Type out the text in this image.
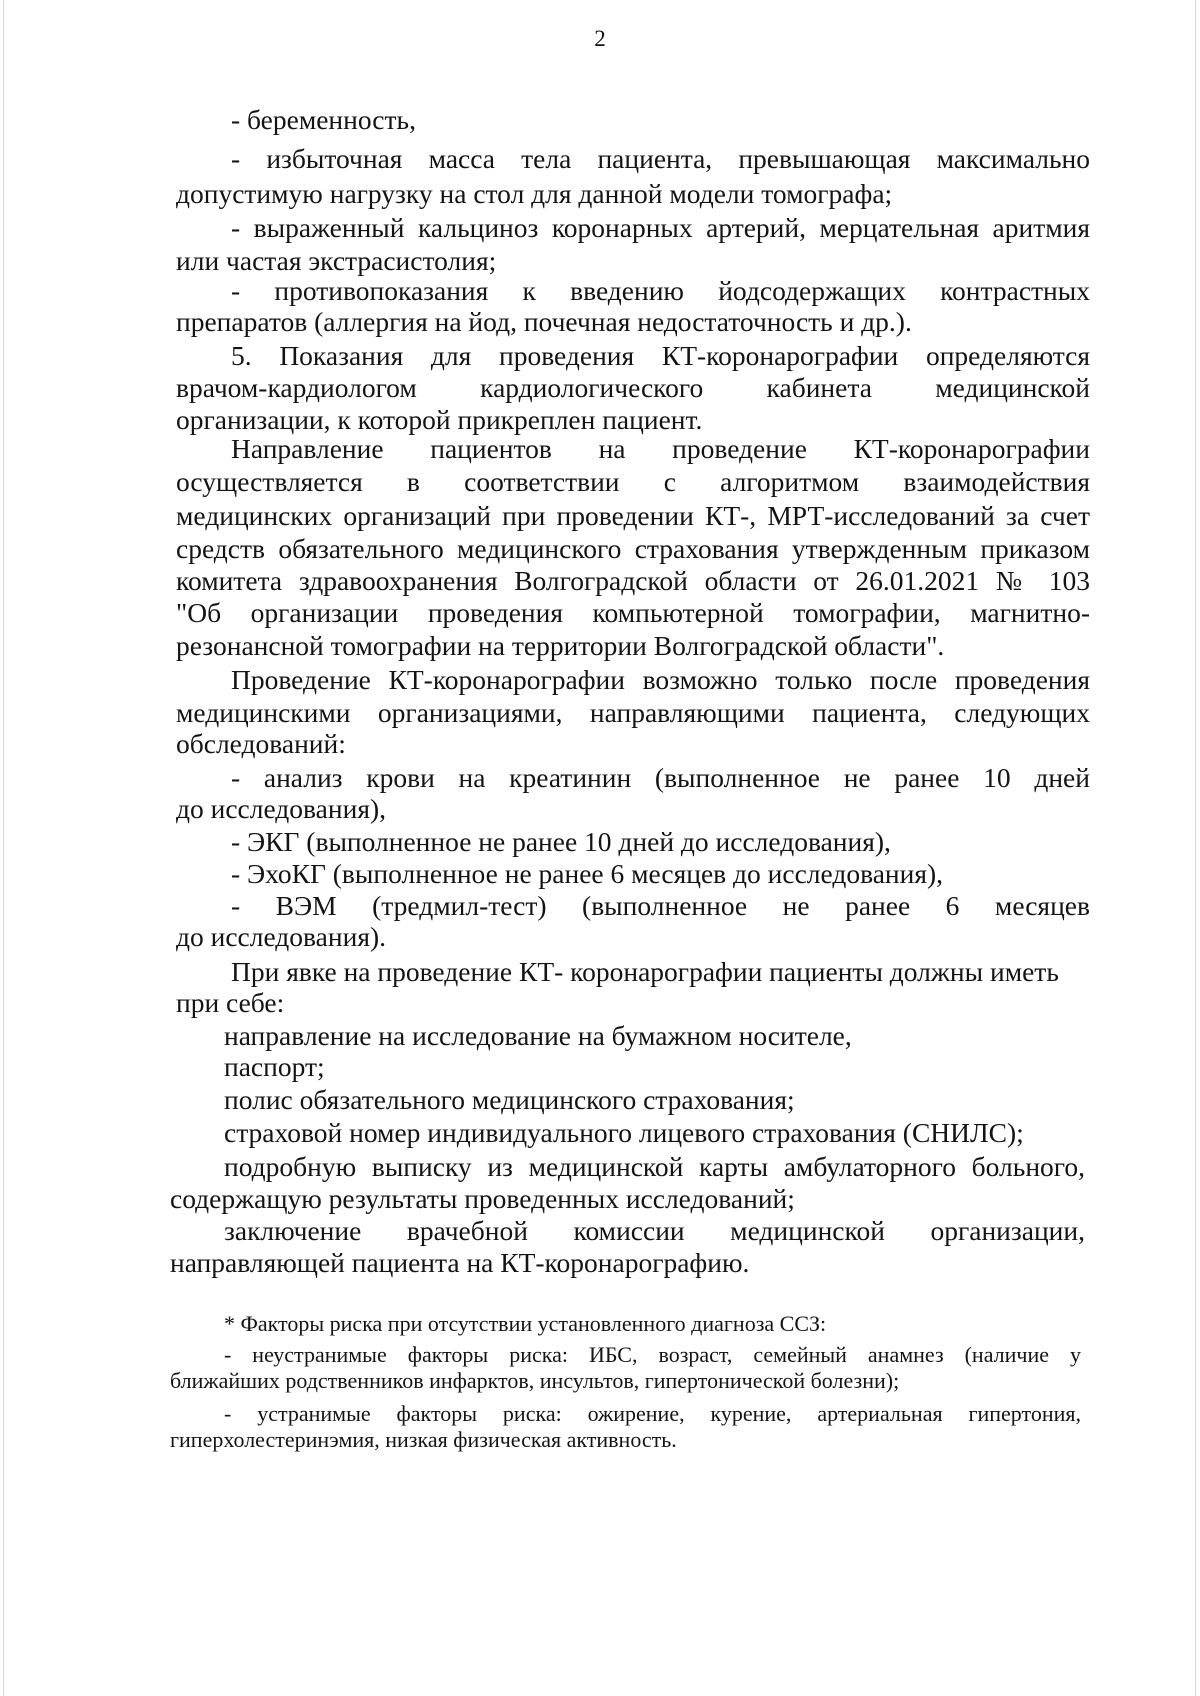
2
- беременность,
- избыточная масса тела пациента, превышающая максимально
допустимую нагрузку на стол для данной модели томографа;
- выраженный кальциноз коронарных артерий, мерцательная аритмия
или частая экстрасистолия;
- противопоказания к введению йодсодержащих контрастных
препаратов (аллергия на йод, почечная недостаточность и др.).
5. Показания для проведения КТ-коронарографии определяются
врачом-кардиологом кардиологического кабинета медицинской
организации, к которой прикреплен пациент.
Направление пациентов на проведение КТ-коронарографии
осуществляется в соответствии с алгоритмом взаимодействия
медицинских организаций при проведении КТ-, МРТ-исследований за счет
средств обязательного медицинского страхования утвержденным приказом
комитета здравоохранения Волгоградской области от 26.01.2021 № 103
"Об организации проведения компьютерной томографии, магнитно-
резонансной томографии на территории Волгоградской области".
Проведение КТ-коронарографии возможно только после проведения
медицинскими организациями, направляющими пациента, следующих
обследований:
- анализ крови на креатинин (выполненное не ранее 10 дней
до исследования),
- ЭКГ (выполненное не ранее 10 дней до исследования),
- ЭхоКГ (выполненное не ранее 6 месяцев до исследования),
- ВЭМ (тредмил-тест) (выполненное не ранее 6 месяцев
до исследования).
При явке на проведение КТ- коронарографии пациенты должны иметь
при себе:
направление на исследование на бумажном носителе,
паспорт;
полис обязательного медицинского страхования;
страховой номер индивидуального лицевого страхования (СНИЛС);
подробную выписку из медицинской карты амбулаторного больного,
содержащую результаты проведенных исследований;
заключение врачебной комиссии медицинской организации,
направляющей пациента на КТ-коронарографию.
* Факторы риска при отсутствии установленного диагноза ССЗ:
- неустранимые факторы риска: ИБС, возраст, семейный анамнез (наличие у
ближайших родственников инфарктов, инсультов, гипертонической болезни);
- устранимые факторы риска: ожирение, курение, артериальная гипертония,
гиперхолестеринэмия, низкая физическая активность.
